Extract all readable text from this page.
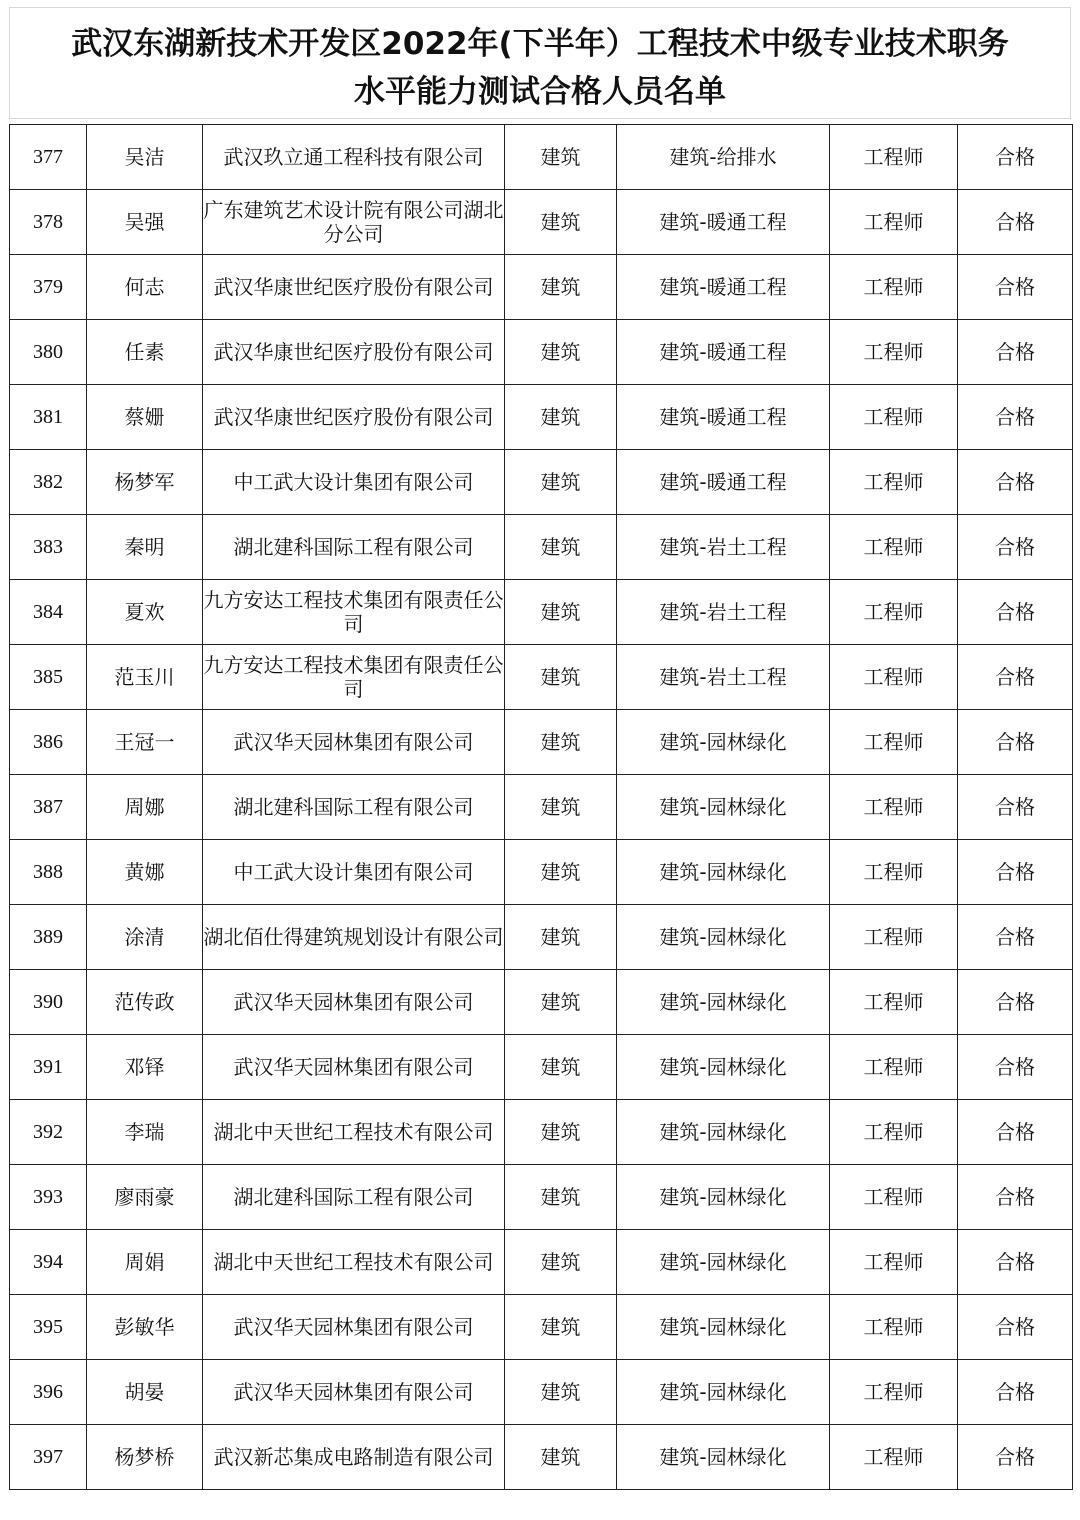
武汉东湖新技术开发区2022年(下半年）工程技术中级专业技术职务
水平能力测试合格人员名单
377	吴洁	武汉玖立通工程科技有限公司	建筑	建筑-给排水	工程师	合格
378	吴强	广东建筑艺术设计院有限公司湖北分公司	建筑	建筑-暖通工程	工程师	合格
379	何志	武汉华康世纪医疗股份有限公司	建筑	建筑-暖通工程	工程师	合格
380	任素	武汉华康世纪医疗股份有限公司	建筑	建筑-暖通工程	工程师	合格
381	蔡姗	武汉华康世纪医疗股份有限公司	建筑	建筑-暖通工程	工程师	合格
382	杨梦军	中工武大设计集团有限公司	建筑	建筑-暖通工程	工程师	合格
383	秦明	湖北建科国际工程有限公司	建筑	建筑-岩土工程	工程师	合格
384	夏欢	九方安达工程技术集团有限责任公司	建筑	建筑-岩土工程	工程师	合格
385	范玉川	九方安达工程技术集团有限责任公司	建筑	建筑-岩土工程	工程师	合格
386	王冠一	武汉华天园林集团有限公司	建筑	建筑-园林绿化	工程师	合格
387	周娜	湖北建科国际工程有限公司	建筑	建筑-园林绿化	工程师	合格
388	黄娜	中工武大设计集团有限公司	建筑	建筑-园林绿化	工程师	合格
389	涂清	湖北佰仕得建筑规划设计有限公司	建筑	建筑-园林绿化	工程师	合格
390	范传政	武汉华天园林集团有限公司	建筑	建筑-园林绿化	工程师	合格
391	邓铎	武汉华天园林集团有限公司	建筑	建筑-园林绿化	工程师	合格
392	李瑞	湖北中天世纪工程技术有限公司	建筑	建筑-园林绿化	工程师	合格
393	廖雨豪	湖北建科国际工程有限公司	建筑	建筑-园林绿化	工程师	合格
394	周娟	湖北中天世纪工程技术有限公司	建筑	建筑-园林绿化	工程师	合格
395	彭敏华	武汉华天园林集团有限公司	建筑	建筑-园林绿化	工程师	合格
396	胡晏	武汉华天园林集团有限公司	建筑	建筑-园林绿化	工程师	合格
397	杨梦桥	武汉新芯集成电路制造有限公司	建筑	建筑-园林绿化	工程师	合格
